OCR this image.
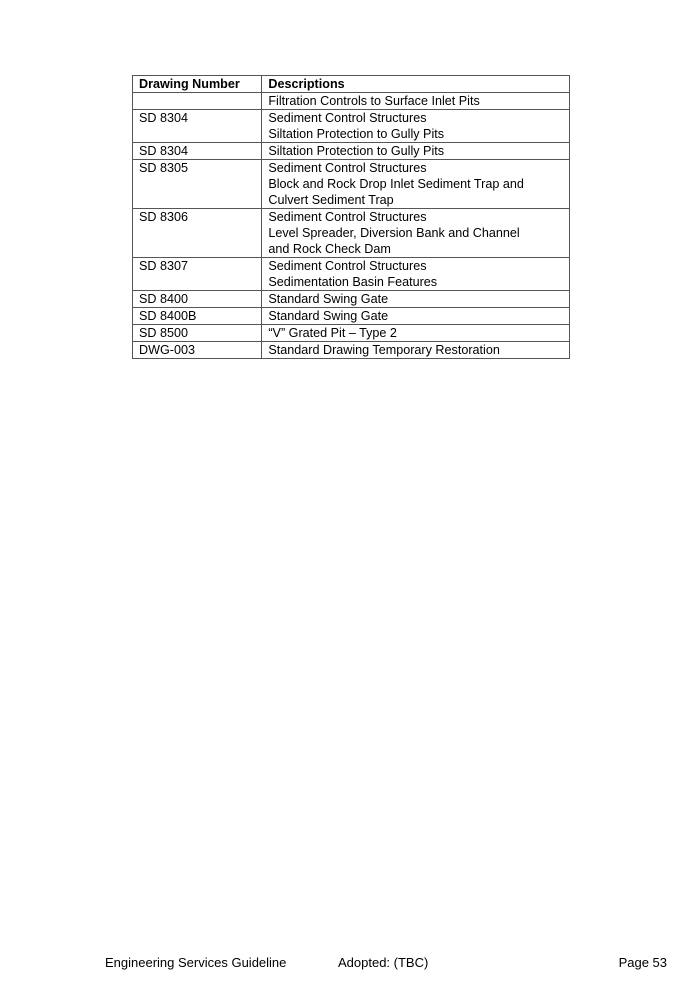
Drawing Number	Descriptions

	Filtration Controls to Surface Inlet Pits

SD 8304	Sediment Control Structures
Siltation Protection to Gully Pits

SD 8304	Siltation Protection to Gully Pits

SD 8305	Sediment Control Structures
Block and Rock Drop Inlet Sediment Trap and
Culvert Sediment Trap

SD 8306	Sediment Control Structures
Level Spreader, Diversion Bank and Channel
and Rock Check Dam

SD 8307	Sediment Control Structures
Sedimentation Basin Features

SD 8400	Standard Swing Gate

SD 8400B	Standard Swing Gate

SD 8500	“V” Grated Pit – Type 2

DWG-003	Standard Drawing Temporary Restoration
Engineering Services Guideline	Adopted: (TBC)	Page 53
